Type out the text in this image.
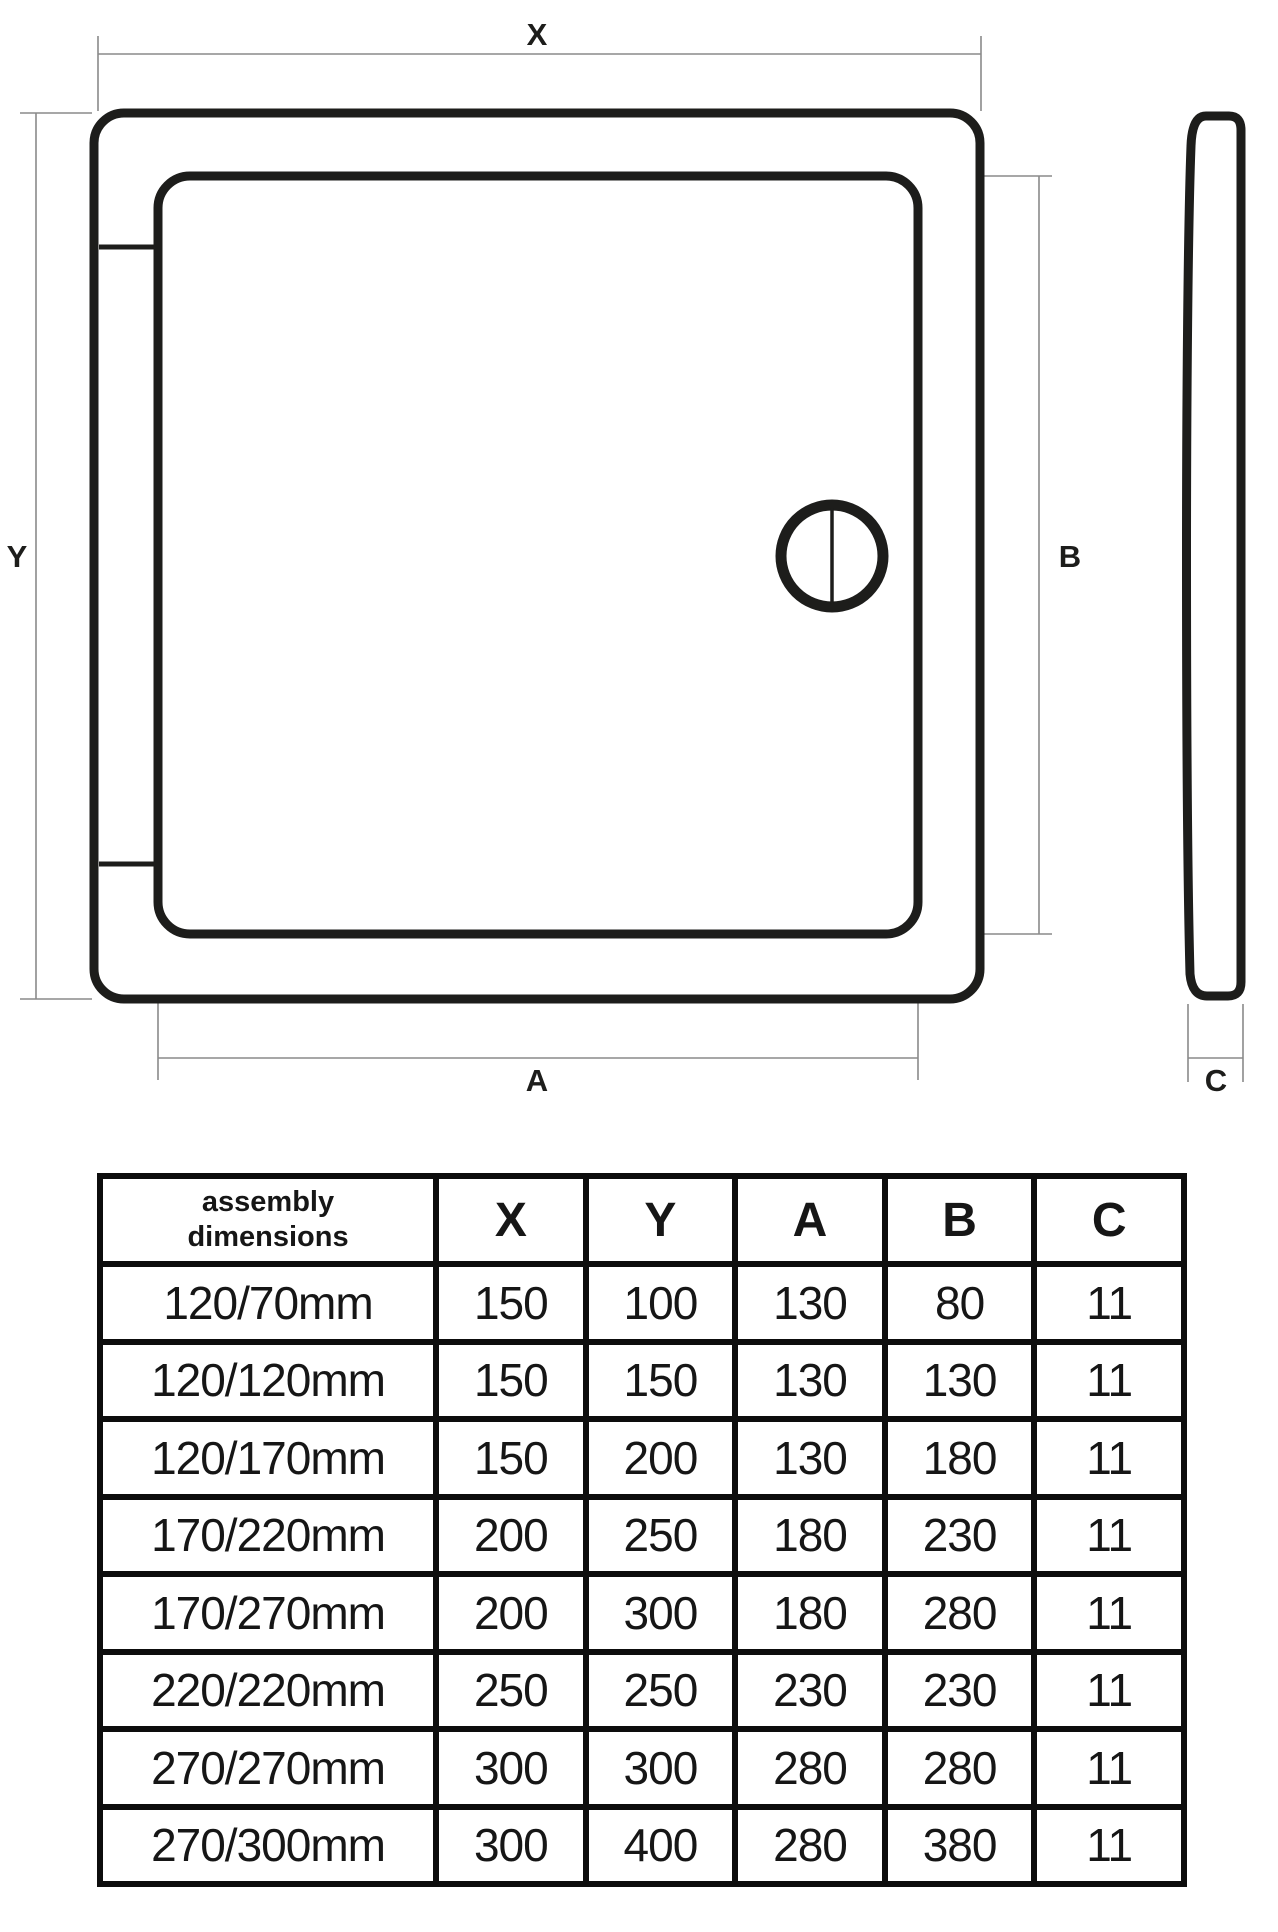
X
Y	B
A	C
assembly
dimensions	X	Y	A	B	C
120/70mm	150	100	130	80	11
120/120mm	150	150	130	130	11
120/170mm	150	200	130	180	11
170/220mm	200	250	180	230	11
170/270mm	200	300	180	280	11
220/220mm	250	250	230	230	11
270/270mm	300	300	280	280	11
270/300mm	300	400	280	380	11
